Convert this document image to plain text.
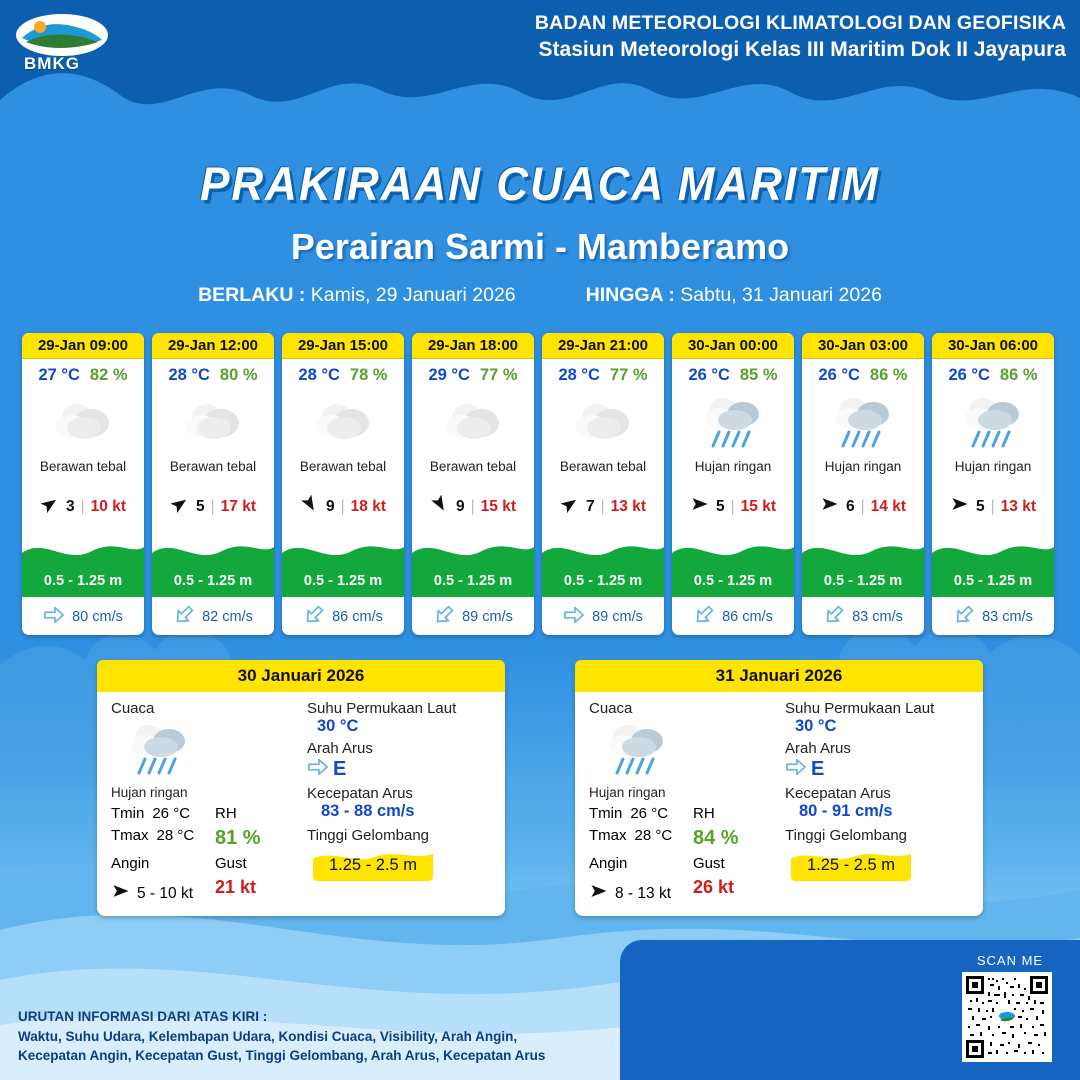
BMKG
BADAN METEOROLOGI KLIMATOLOGI DAN GEOFISIKA
Stasiun Meteorologi Kelas III Maritim Dok II Jayapura
PRAKIRAAN CUACA MARITIM
Perairan Sarmi - Mamberamo
BERLAKU : Kamis, 29 Januari 2026	HINGGA : Sabtu, 31 Januari 2026
29-Jan 09:00
27 °C 82 %
Berawan tebal
3 | 10 kt
0.5 - 1.25 m
80 cm/s
29-Jan 12:00
28 °C 80 %
Berawan tebal
5 | 17 kt
0.5 - 1.25 m
82 cm/s
29-Jan 15:00
28 °C 78 %
Berawan tebal
9 | 18 kt
0.5 - 1.25 m
86 cm/s
29-Jan 18:00
29 °C 77 %
Berawan tebal
9 | 15 kt
0.5 - 1.25 m
89 cm/s
29-Jan 21:00
28 °C 77 %
Berawan tebal
7 | 13 kt
0.5 - 1.25 m
89 cm/s
30-Jan 00:00
26 °C 85 %
Hujan ringan
5 | 15 kt
0.5 - 1.25 m
86 cm/s
30-Jan 03:00
26 °C 86 %
Hujan ringan
6 | 14 kt
0.5 - 1.25 m
83 cm/s
30-Jan 06:00
26 °C 86 %
Hujan ringan
5 | 13 kt
0.5 - 1.25 m
83 cm/s
30 Januari 2026
Cuaca
Hujan ringan
Tmin 26 °C RH
Tmax 28 °C	81 %
Angin	Gust
5 - 10 kt	21 kt
Suhu Permukaan Laut
30 °C
Arah Arus
E
Kecepatan Arus
83 - 88 cm/s
Tinggi Gelombang
1.25 - 2.5 m
31 Januari 2026
Cuaca
Hujan ringan
Tmin 26 °C RH
Tmax 28 °C	84 %
Angin	Gust
8 - 13 kt	26 kt
Suhu Permukaan Laut
30 °C
Arah Arus
E
Kecepatan Arus
80 - 91 cm/s
Tinggi Gelombang
1.25 - 2.5 m
URUTAN INFORMASI DARI ATAS KIRI :
Waktu, Suhu Udara, Kelembapan Udara, Kondisi Cuaca, Visibility, Arah Angin,
Kecepatan Angin, Kecepatan Gust, Tinggi Gelombang, Arah Arus, Kecepatan Arus
SCAN ME
